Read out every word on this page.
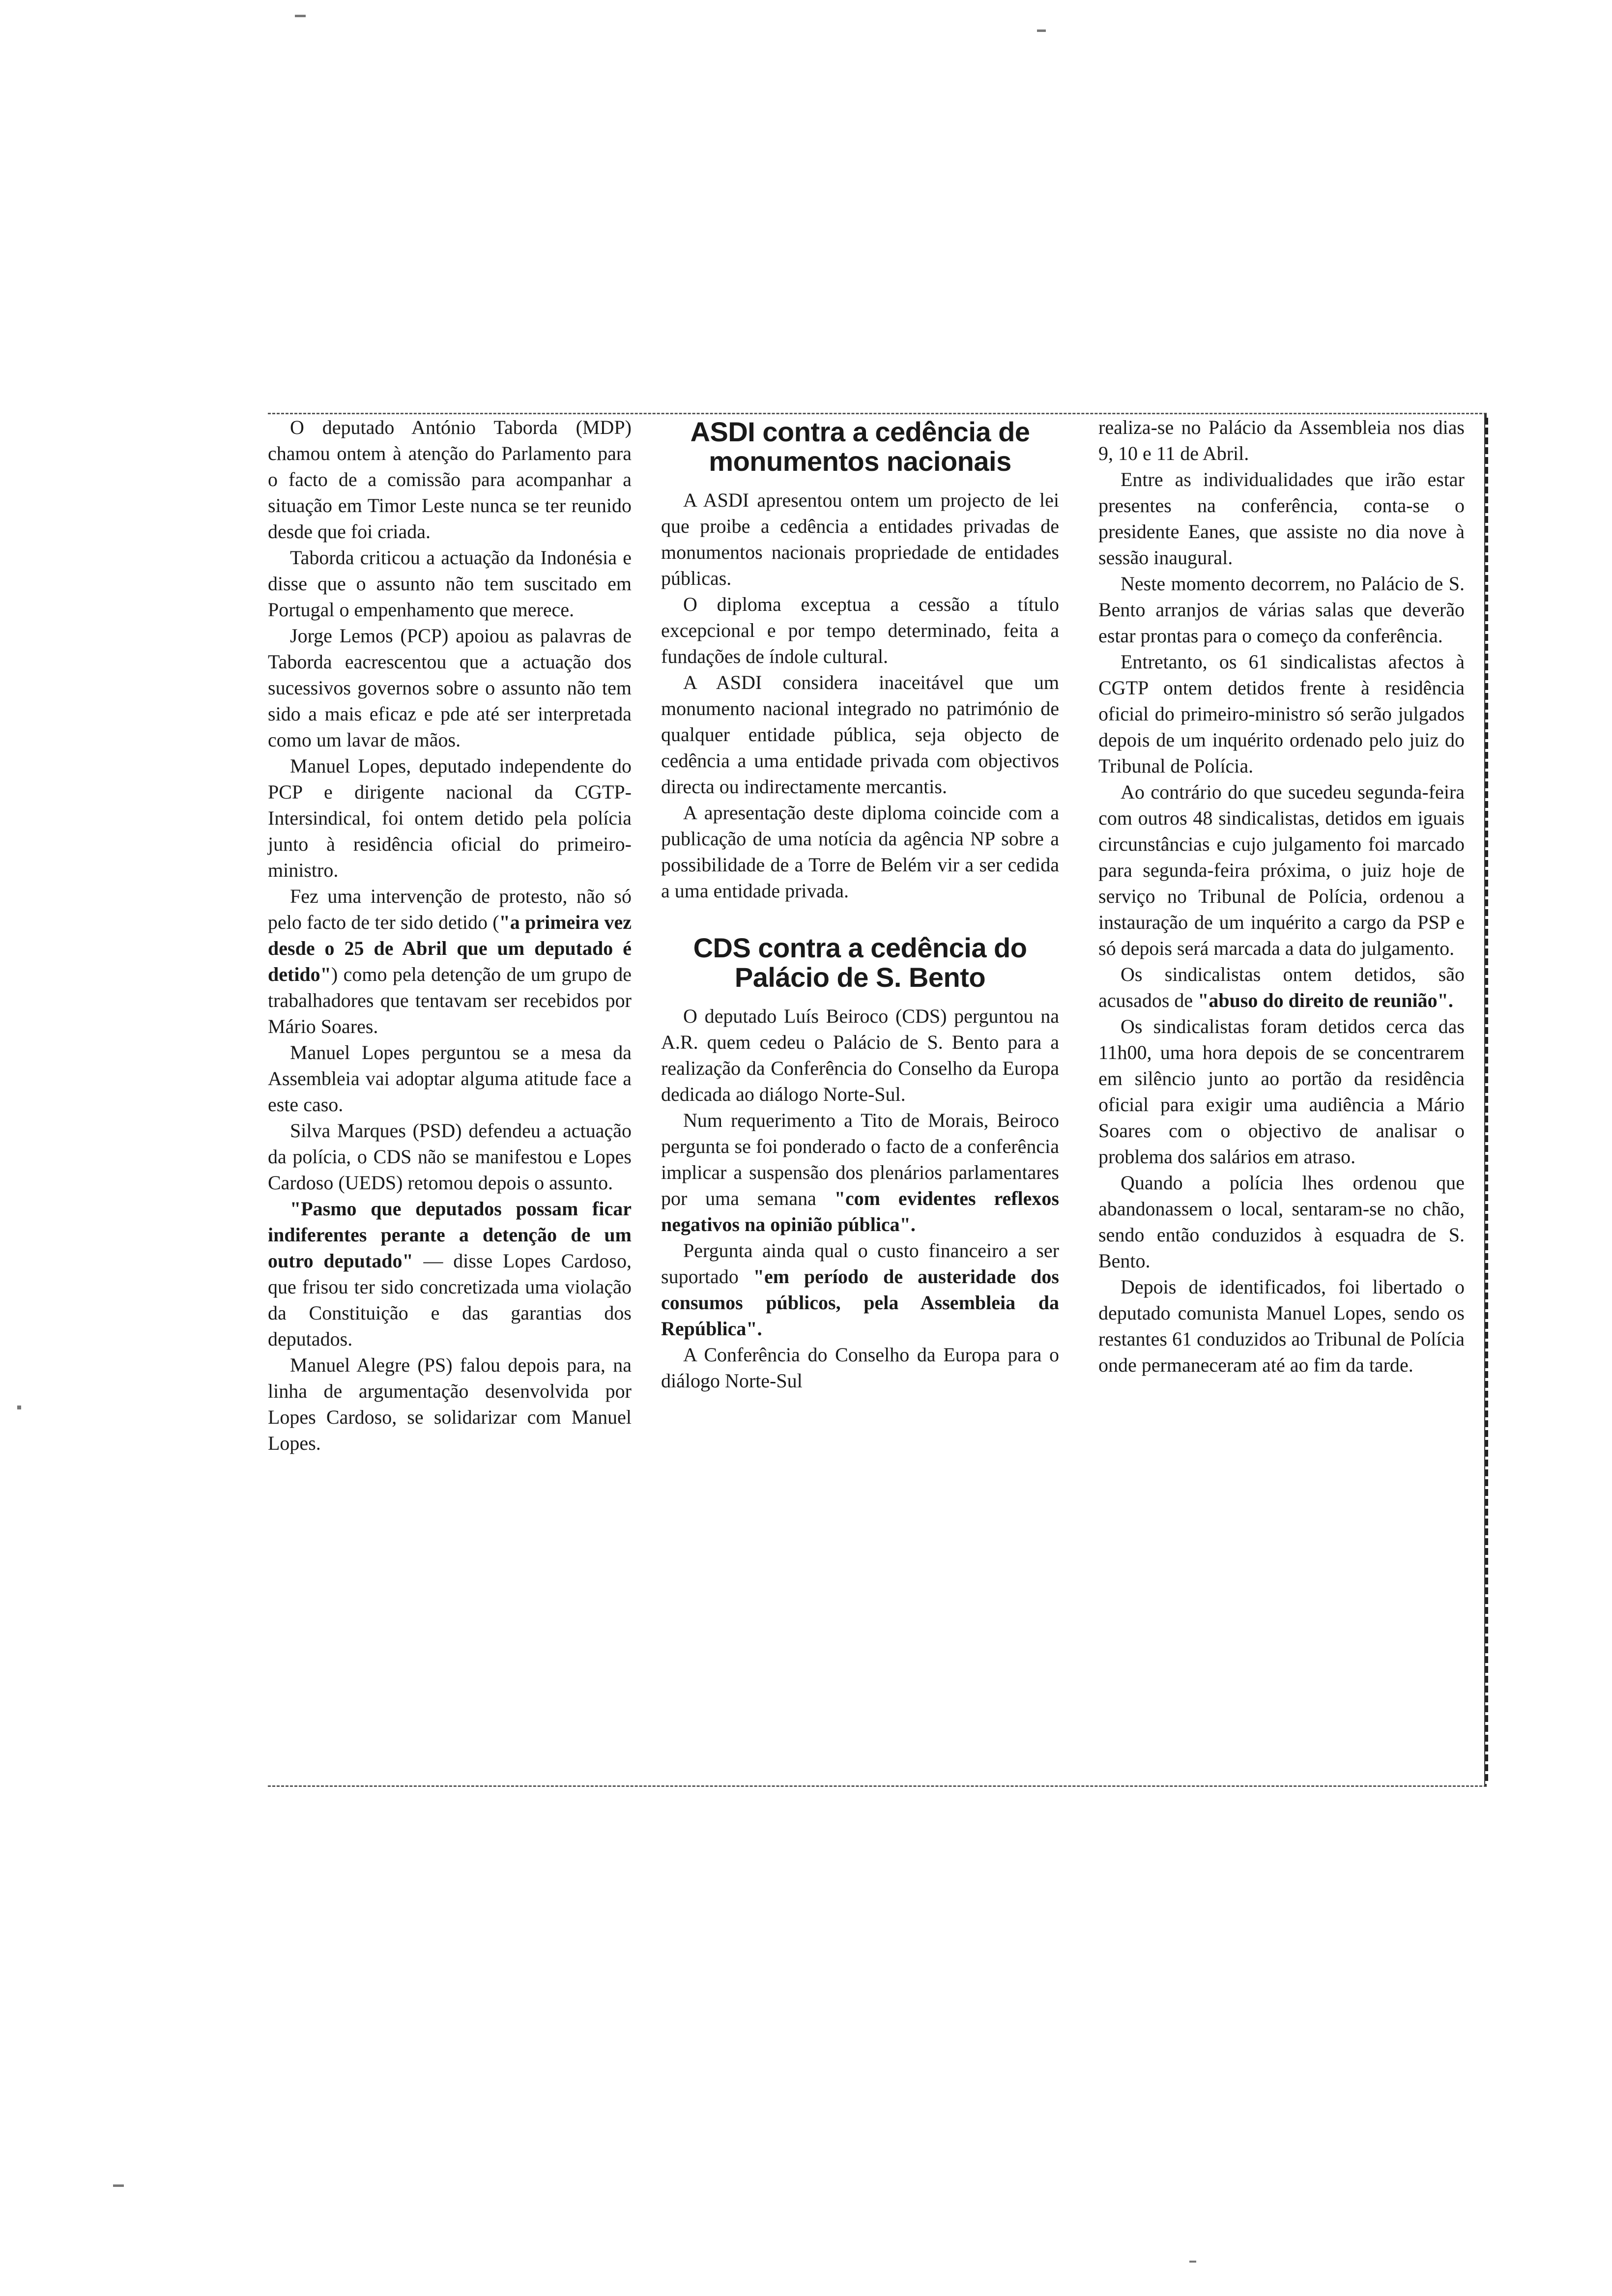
O deputado António Taborda (MDP) chamou ontem à atenção do Parlamento para o facto de a comissão para acompanhar a situação em Timor Leste nunca se ter reunido desde que foi criada.

Taborda criticou a actuação da Indonésia e disse que o assunto não tem suscitado em Portugal o empenhamento que merece.

Jorge Lemos (PCP) apoiou as palavras de Taborda eacrescentou que a actuação dos sucessivos governos sobre o assunto não tem sido a mais eficaz e pde até ser interpretada como um lavar de mãos.

Manuel Lopes, deputado independente do PCP e dirigente nacional da CGTP-Intersindical, foi ontem detido pela polícia junto à residência oficial do primeiro-ministro.

Fez uma intervenção de protesto, não só pelo facto de ter sido detido ("a primeira vez desde o 25 de Abril que um deputado é detido") como pela detenção de um grupo de trabalhadores que tentavam ser recebidos por Mário Soares.

Manuel Lopes perguntou se a mesa da Assembleia vai adoptar alguma atitude face a este caso.

Silva Marques (PSD) defendeu a actuação da polícia, o CDS não se manifestou e Lopes Cardoso (UEDS) retomou depois o assunto.

"Pasmo que deputados possam ficar indiferentes perante a detenção de um outro deputado" — disse Lopes Cardoso, que frisou ter sido concretizada uma violação da Constituição e das garantias dos deputados.

Manuel Alegre (PS) falou depois para, na linha de argumentação desenvolvida por Lopes Cardoso, se solidarizar com Manuel Lopes.

ASDI contra a cedência de monumentos nacionais

A ASDI apresentou ontem um projecto de lei que proibe a cedência a entidades privadas de monumentos nacionais propriedade de entidades públicas.

O diploma exceptua a cessão a título excepcional e por tempo determinado, feita a fundações de índole cultural.

A ASDI considera inaceitável que um monumento nacional integrado no património de qualquer entidade pública, seja objecto de cedência a uma entidade privada com objectivos directa ou indirectamente mercantis.

A apresentação deste diploma coincide com a publicação de uma notícia da agência NP sobre a possibilidade de a Torre de Belém vir a ser cedida a uma entidade privada.

CDS contra a cedência do Palácio de S. Bento

O deputado Luís Beiroco (CDS) perguntou na A.R. quem cedeu o Palácio de S. Bento para a realização da Conferência do Conselho da Europa dedicada ao diálogo Norte-Sul.

Num requerimento a Tito de Morais, Beiroco pergunta se foi ponderado o facto de a conferência implicar a suspensão dos plenários parlamentares por uma semana "com evidentes reflexos negativos na opinião pública".

Pergunta ainda qual o custo financeiro a ser suportado "em período de austeridade dos consumos públicos, pela Assembleia da República".

A Conferência do Conselho da Europa para o diálogo Norte-Sul

realiza-se no Palácio da Assembleia nos dias 9, 10 e 11 de Abril.

Entre as individualidades que irão estar presentes na conferência, conta-se o presidente Eanes, que assiste no dia nove à sessão inaugural.

Neste momento decorrem, no Palácio de S. Bento arranjos de várias salas que deverão estar prontas para o começo da conferência.

Entretanto, os 61 sindicalistas afectos à CGTP ontem detidos frente à residência oficial do primeiro-ministro só serão julgados depois de um inquérito ordenado pelo juiz do Tribunal de Polícia.

Ao contrário do que sucedeu segunda-feira com outros 48 sindicalistas, detidos em iguais circunstâncias e cujo julgamento foi marcado para segunda-feira próxima, o juiz hoje de serviço no Tribunal de Polícia, ordenou a instauração de um inquérito a cargo da PSP e só depois será marcada a data do julgamento.

Os sindicalistas ontem detidos, são acusados de "abuso do direito de reunião".

Os sindicalistas foram detidos cerca das 11h00, uma hora depois de se concentrarem em silêncio junto ao portão da residência oficial para exigir uma audiência a Mário Soares com o objectivo de analisar o problema dos salários em atraso.

Quando a polícia lhes ordenou que abandonassem o local, sentaram-se no chão, sendo então conduzidos à esquadra de S. Bento.

Depois de identificados, foi libertado o deputado comunista Manuel Lopes, sendo os restantes 61 conduzidos ao Tribunal de Polícia onde permaneceram até ao fim da tarde.
